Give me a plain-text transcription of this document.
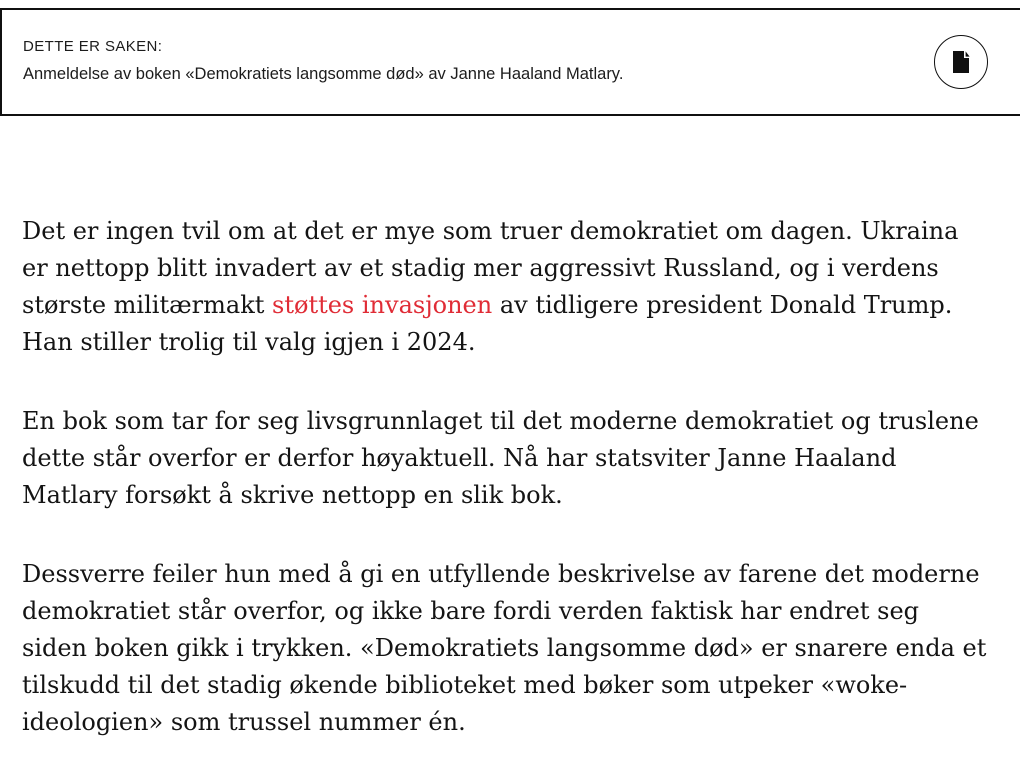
DETTE ER SAKEN:
Anmeldelse av boken «Demokratiets langsomme død» av Janne Haaland Matlary.

Det er ingen tvil om at det er mye som truer demokratiet om dagen. Ukraina er nettopp blitt invadert av et stadig mer aggressivt Russland, og i verdens største militærmakt støttes invasjonen av tidligere president Donald Trump. Han stiller trolig til valg igjen i 2024.

En bok som tar for seg livsgrunnlaget til det moderne demokratiet og truslene dette står overfor er derfor høyaktuell. Nå har statsviter Janne Haaland Matlary forsøkt å skrive nettopp en slik bok.

Dessverre feiler hun med å gi en utfyllende beskrivelse av farene det moderne demokratiet står overfor, og ikke bare fordi verden faktisk har endret seg siden boken gikk i trykken. «Demokratiets langsomme død» er snarere enda et tilskudd til det stadig økende biblioteket med bøker som utpeker «woke-ideologien» som trussel nummer én.
